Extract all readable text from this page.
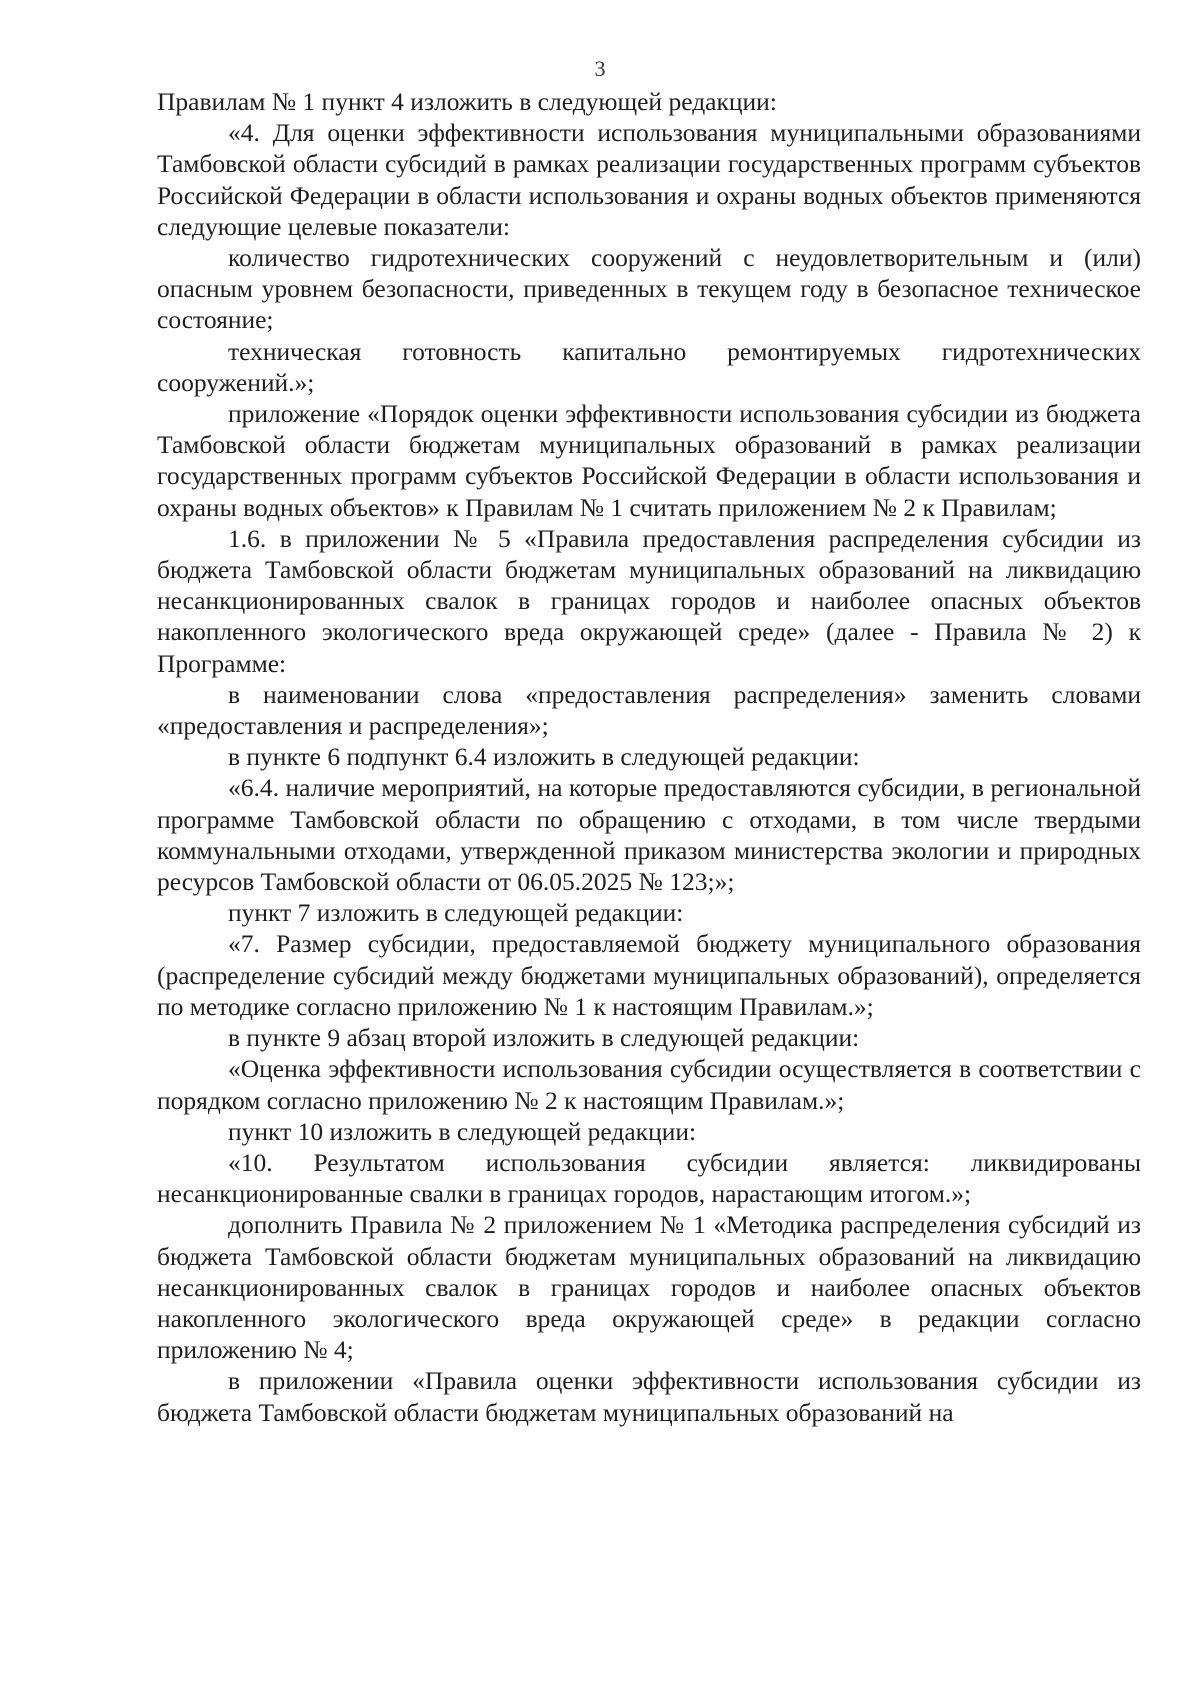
3

Правилам № 1 пункт 4 изложить в следующей редакции:

«4. Для оценки эффективности использования муниципальными образованиями Тамбовской области субсидий в рамках реализации государственных программ субъектов Российской Федерации в области использования и охраны водных объектов применяются следующие целевые показатели:

количество гидротехнических сооружений с неудовлетворительным и (или) опасным уровнем безопасности, приведенных в текущем году в безопасное техническое состояние;

техническая готовность капитально ремонтируемых гидротехнических сооружений.»;

приложение «Порядок оценки эффективности использования субсидии из бюджета Тамбовской области бюджетам муниципальных образований в рамках реализации государственных программ субъектов Российской Федерации в области использования и охраны водных объектов» к Правилам № 1 считать приложением № 2 к Правилам;

1.6. в приложении № 5 «Правила предоставления распределения субсидии из бюджета Тамбовской области бюджетам муниципальных образований на ликвидацию несанкционированных свалок в границах городов и наиболее опасных объектов накопленного экологического вреда окружающей среде» (далее - Правила № 2) к Программе:

в наименовании слова «предоставления распределения» заменить словами «предоставления и распределения»;

в пункте 6 подпункт 6.4 изложить в следующей редакции:

«6.4. наличие мероприятий, на которые предоставляются субсидии, в региональной программе Тамбовской области по обращению с отходами, в том числе твердыми коммунальными отходами, утвержденной приказом министерства экологии и природных ресурсов Тамбовской области от 06.05.2025 № 123;»;

пункт 7 изложить в следующей редакции:

«7. Размер субсидии, предоставляемой бюджету муниципального образования (распределение субсидий между бюджетами муниципальных образований), определяется по методике согласно приложению № 1 к настоящим Правилам.»;

в пункте 9 абзац второй изложить в следующей редакции:

«Оценка эффективности использования субсидии осуществляется в соответствии с порядком согласно приложению № 2 к настоящим Правилам.»;

пункт 10 изложить в следующей редакции:

«10. Результатом использования субсидии является: ликвидированы несанкционированные свалки в границах городов, нарастающим итогом.»;

дополнить Правила № 2 приложением № 1 «Методика распределения субсидий из бюджета Тамбовской области бюджетам муниципальных образований на ликвидацию несанкционированных свалок в границах городов и наиболее опасных объектов накопленного экологического вреда окружающей среде» в редакции согласно приложению № 4;

в приложении «Правила оценки эффективности использования субсидии из бюджета Тамбовской области бюджетам муниципальных образований на
